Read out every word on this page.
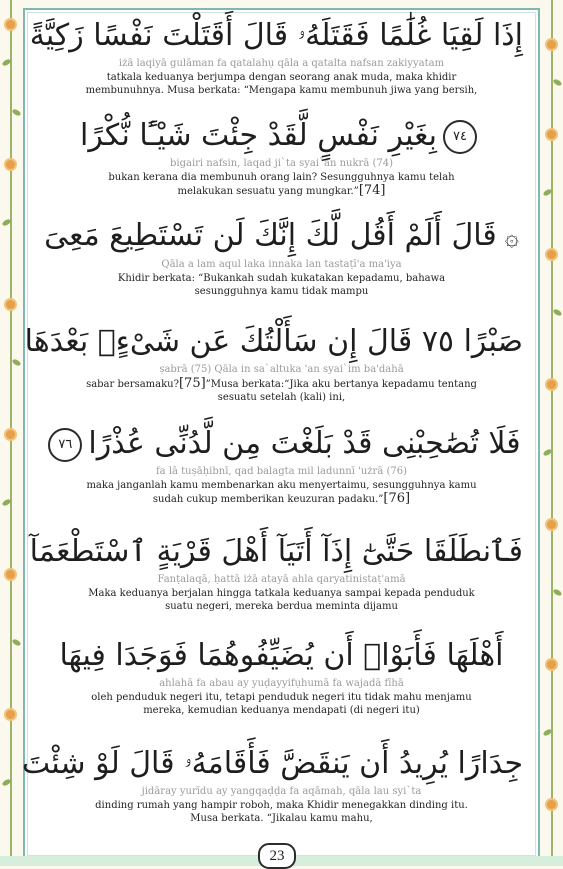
إِذَا لَقِيَا غُلَٰمًا فَقَتَلَهُۥ قَالَ أَقَتَلْتَ نَفْسًا زَكِيَّةً
iżā laqiyā gulāman fa qatalahụ qāla a qatalta nafsan zakiyyatam
tatkala keduanya berjumpa dengan seorang anak muda, maka khidir membunuhnya. Musa berkata: “Mengapa kamu membunuh jiwa yang bersih,
٧٤بِغَيْرِ نَفْسٍ لَّقَدْ جِئْتَ شَيْـًٔا نُّكْرًا
bigairi nafsin, laqad ji`ta syai`an nukrā (74)
bukan kerana dia membunuh orang lain? Sesungguhnya kamu telah melakukan sesuatu yang mungkar.”[74]
۞قَالَ أَلَمْ أَقُل لَّكَ إِنَّكَ لَن تَسْتَطِيعَ مَعِىَ
Qāla a lam aqul laka innaka lan tastaṭī'a ma'iya
Khidir berkata: “Bukankah sudah kukatakan kepadamu, bahawa sesungguhnya kamu tidak mampu
صَبْرًا ٧٥ قَالَ إِن سَأَلْتُكَ عَن شَىْءٍۭ بَعْدَهَا
ṣabrā (75) Qāla in sa`altuka 'an syai`im ba'dahā
sabar bersamaku?[75]”Musa berkata:“Jika aku bertanya kepadamu tentang sesuatu setelah (kali) ini,
فَلَا تُصَٰحِبْنِى قَدْ بَلَغْتَ مِن لَّدُنِّى عُذْرًا٧٦
fa lā tuṣāḥibnī, qad balagta mil ladunnī 'użrā (76)
maka janganlah kamu membenarkan aku menyertaimu, sesungguhnya kamu sudah cukup memberikan keuzuran padaku.”[76]
فَٱنطَلَقَا حَتَّىٰٓ إِذَآ أَتَيَآ أَهْلَ قَرْيَةٍ ٱسْتَطْعَمَآ
Fanṭalaqā, ḥattā iżā atayā ahla qaryatinistaṭ'amā
Maka keduanya berjalan hingga tatkala keduanya sampai kepada penduduk suatu negeri, mereka berdua meminta dijamu
أَهْلَهَا فَأَبَوْا۟ أَن يُضَيِّفُوهُمَا فَوَجَدَا فِيهَا
ahlahā fa abau ay yuḍayyifụhumā fa wajadā fīhā
oleh penduduk negeri itu, tetapi penduduk negeri itu tidak mahu menjamu mereka, kemudian keduanya mendapati (di negeri itu)
جِدَارًا يُرِيدُ أَن يَنقَضَّ فَأَقَامَهُۥ قَالَ لَوْ شِئْتَ
jidāray yurīdu ay yangqaḍḍa fa aqāmah, qāla lau syi`ta
dinding rumah yang hampir roboh, maka Khidir menegakkan dinding itu. Musa berkata. “Jikalau kamu mahu,
23
